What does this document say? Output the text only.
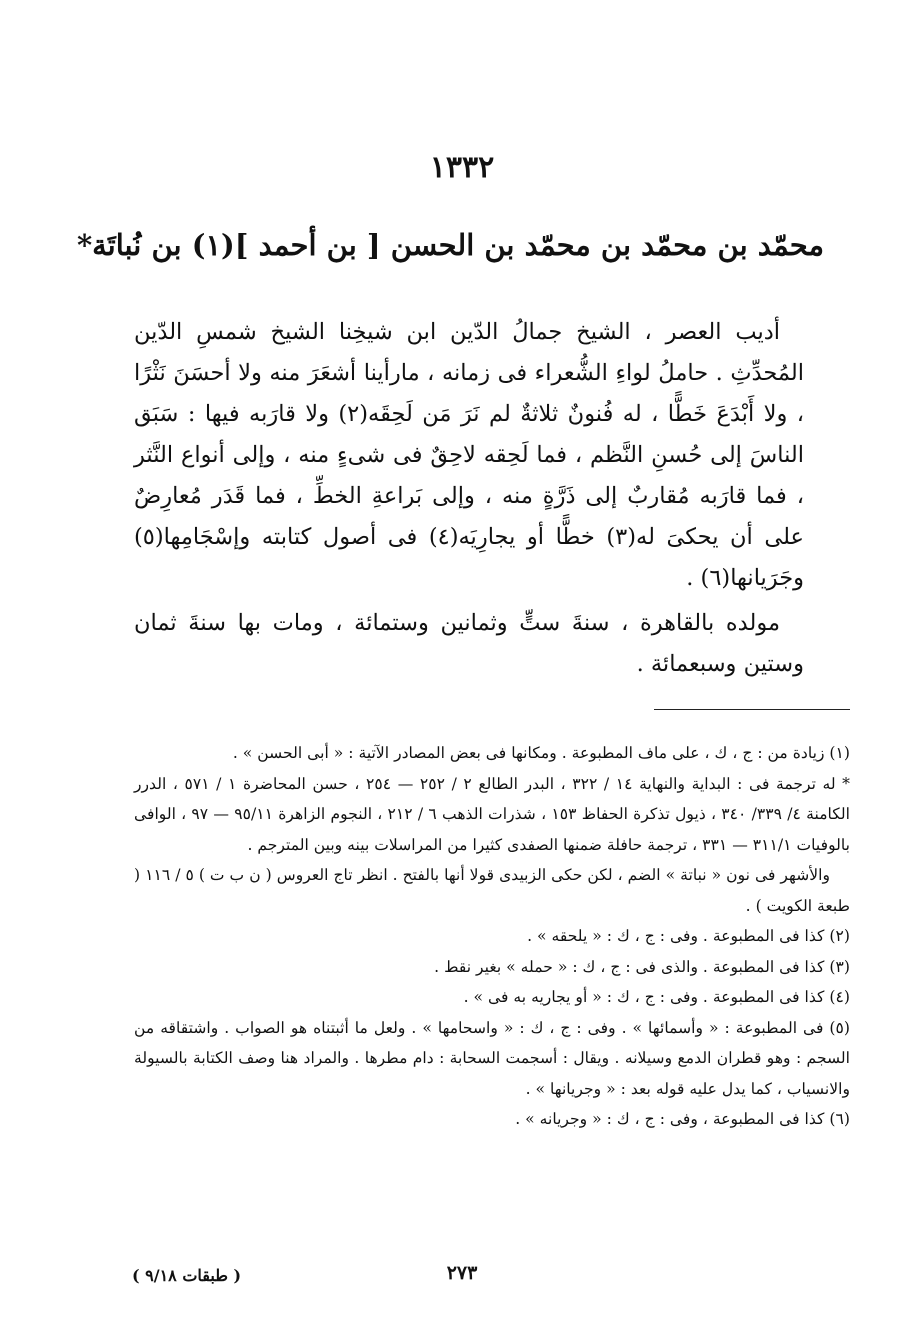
١٣٣٢
محمّد بن محمّد بن محمّد بن الحسن [ بن أحمد ](١) بن نُباتَة*

أديب العصر ، الشيخ جمالُ الدّين ابن شيخِنا الشيخ شمسِ الدّين المُحدِّثِ . حاملُ لواءِ الشُّعراء فى زمانه ، مارأينا أشعَرَ منه ولا أحسَنَ نَثْرًا ، ولا أَبْدَعَ خَطًّا ، له فُنونٌ ثلاثةٌ لم نَرَ مَن لَحِقَه(٢) ولا قارَبه فيها : سَبَق الناسَ إلى حُسنِ النَّظم ، فما لَحِقه لاحِقٌ فى شىءٍ منه ، وإلى أنواع النَّثر ، فما قارَبه مُقاربٌ إلى ذَرَّةٍ منه ، وإلى بَراعةِ الخطِّ ، فما قَدَر مُعارِضٌ على أن يحكىَ له(٣) خطًّا أو يجارِيَه(٤) فى أصول كتابته وإسْجَامِها(٥) وجَرَيانها(٦) .

مولده بالقاهرة ، سنةَ ستٍّ وثمانين وستمائة ، ومات بها سنةَ ثمان وستين وسبعمائة .

(١) زيادة من : ج ، ك ، على ماف المطبوعة . ومكانها فى بعض المصادر الآتية : « أبى الحسن » .

* له ترجمة فى : البداية والنهاية ١٤ / ٣٢٢ ، البدر الطالع ٢ / ٢٥٢ — ٢٥٤ ، حسن المحاضرة ١ / ٥٧١ ، الدرر الكامنة ٤/ ٣٣٩/ ٣٤٠ ، ذيول تذكرة الحفاظ ١٥٣ ، شذرات الذهب ٦ / ٢١٢ ، النجوم الزاهرة ٩٥/١١ — ٩٧ ، الوافى بالوفيات ٣١١/١ — ٣٣١ ، ترجمة حافلة ضمنها الصفدى كثيرا من المراسلات بينه وبين المترجم .

والأشهر فى نون « نباتة » الضم ، لكن حكى الزبيدى قولا أنها بالفتح . انظر تاج العروس ( ن ب ت ) ٥ / ١١٦ ( طبعة الكويت ) .

(٢) كذا فى المطبوعة . وفى : ج ، ك : « يلحقه » .

(٣) كذا فى المطبوعة . والذى فى : ج ، ك : « حمله » بغير نقط .

(٤) كذا فى المطبوعة . وفى : ج ، ك : « أو يجاريه به فى » .

(٥) فى المطبوعة : « وأسمائها » . وفى : ج ، ك : « واسحامها » . ولعل ما أثبتناه هو الصواب . واشتقاقه من السجم : وهو قطران الدمع وسيلانه . ويقال : أسجمت السحابة : دام مطرها . والمراد هنا وصف الكتابة بالسيولة والانسياب ، كما يدل عليه قوله بعد : « وجريانها » .

(٦) كذا فى المطبوعة ، وفى : ج ، ك : « وجريانه » .

( طبقات ٩/١٨ )	٢٧٣
